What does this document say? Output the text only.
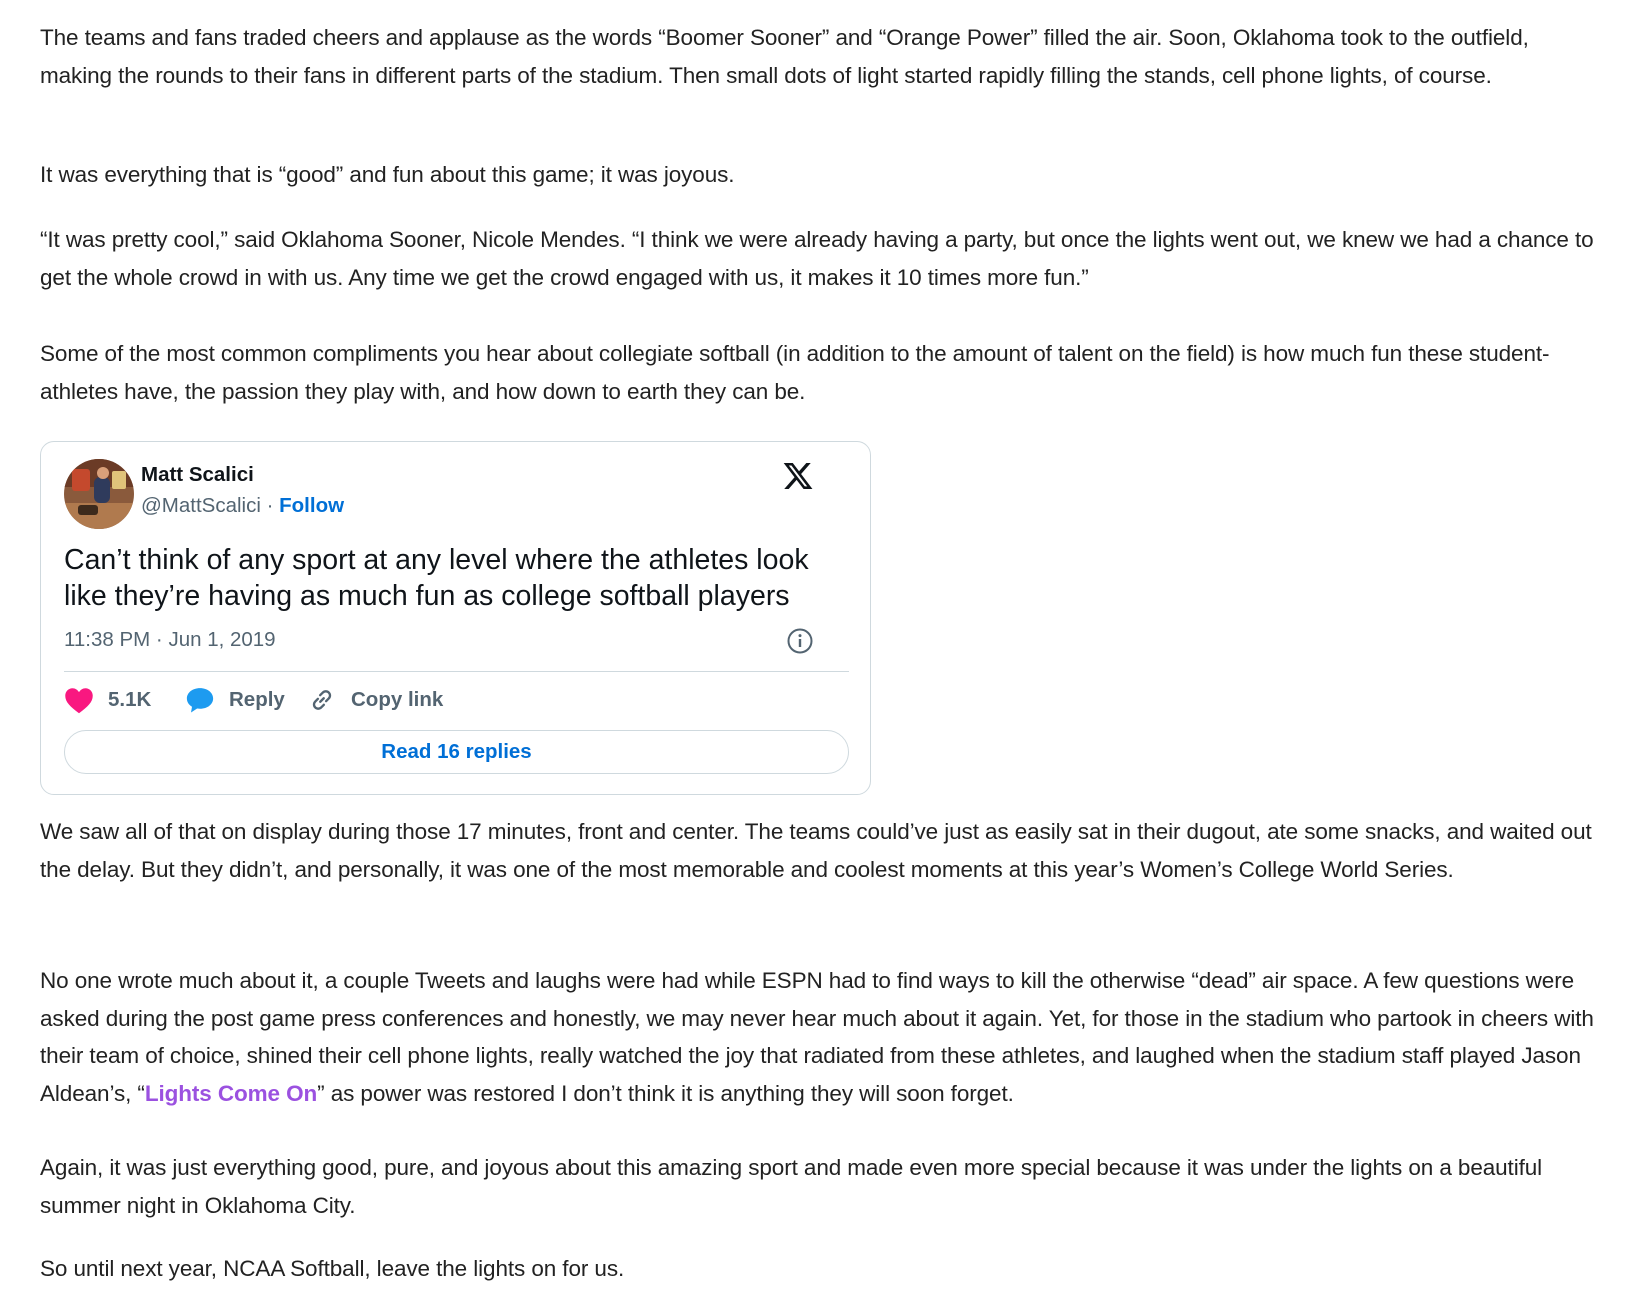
The teams and fans traded cheers and applause as the words “Boomer Sooner” and “Orange Power” filled the air. Soon, Oklahoma took to the outfield, making the rounds to their fans in different parts of the stadium. Then small dots of light started rapidly filling the stands, cell phone lights, of course.

It was everything that is “good” and fun about this game; it was joyous.

“It was pretty cool,” said Oklahoma Sooner, Nicole Mendes. “I think we were already having a party, but once the lights went out, we knew we had a chance to get the whole crowd in with us. Any time we get the crowd engaged with us, it makes it 10 times more fun.”

Some of the most common compliments you hear about collegiate softball (in addition to the amount of talent on the field) is how much fun these student-athletes have, the passion they play with, and how down to earth they can be.

We saw all of that on display during those 17 minutes, front and center. The teams could’ve just as easily sat in their dugout, ate some snacks, and waited out the delay. But they didn’t, and personally, it was one of the most memorable and coolest moments at this year’s Women’s College World Series.

No one wrote much about it, a couple Tweets and laughs were had while ESPN had to find ways to kill the otherwise “dead” air space. A few questions were asked during the post game press conferences and honestly, we may never hear much about it again. Yet, for those in the stadium who partook in cheers with their team of choice, shined their cell phone lights, really watched the joy that radiated from these athletes, and laughed when the stadium staff played Jason Aldean’s, “Lights Come On” as power was restored I don’t think it is anything they will soon forget.

Again, it was just everything good, pure, and joyous about this amazing sport and made even more special because it was under the lights on a beautiful summer night in Oklahoma City.

So until next year, NCAA Softball, leave the lights on for us.

Matt Scalici
@MattScalici · Follow
Can’t think of any sport at any level where the athletes look like they’re having as much fun as college softball players
11:38 PM · Jun 1, 2019
5.1K	Reply	Copy link
Read 16 replies
